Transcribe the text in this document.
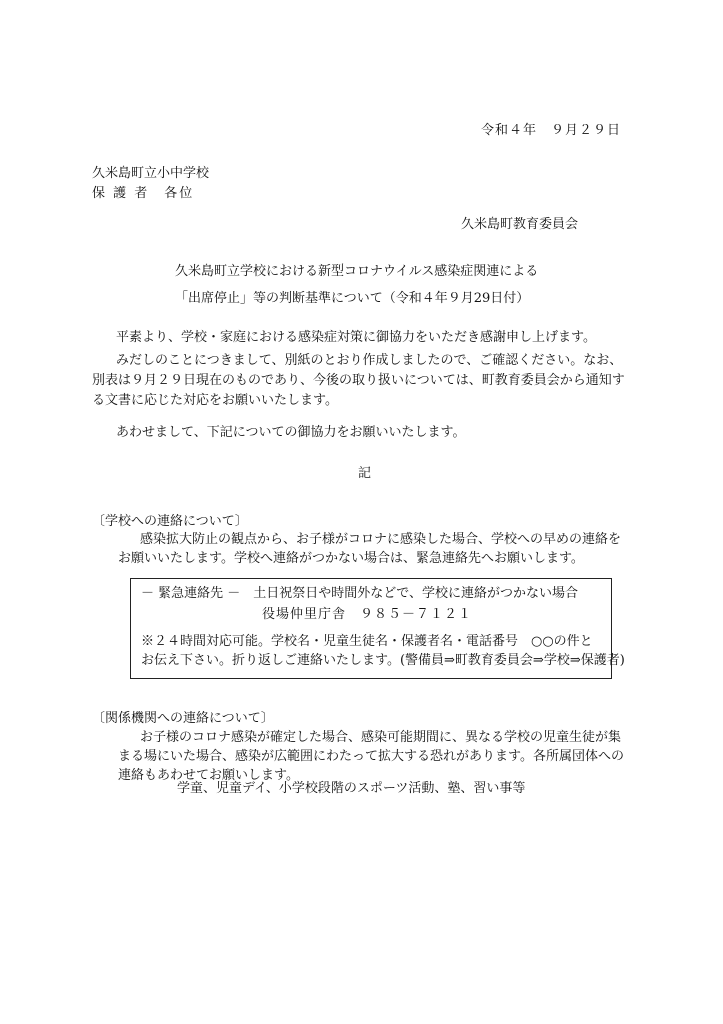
令和４年　９月２９日
久米島町立小中学校
保 護 者　各位
久米島町教育委員会
久米島町立学校における新型コロナウイルス感染症関連による
「出席停止」等の判断基準について（令和４年９月29日付）
平素より、学校・家庭における感染症対策に御協力をいただき感謝申し上げます。
みだしのことにつきまして、別紙のとおり作成しましたので、ご確認ください。なお、別表は９月２９日現在のものであり、今後の取り扱いについては、町教育委員会から通知する文書に応じた対応をお願いいたします。
あわせまして、下記についての御協力をお願いいたします。
記
〔学校への連絡について〕
感染拡大防止の観点から、お子様がコロナに感染した場合、学校への早めの連絡をお願いいたします。学校へ連絡がつかない場合は、緊急連絡先へお願いします。
－ 緊急連絡先 －　土日祝祭日や時間外などで、学校に連絡がつかない場合
役場仲里庁舎　９８５－７１２１
※２４時間対応可能。学校名・児童生徒名・保護者名・電話番号　○○の件と
お伝え下さい。折り返しご連絡いたします。(警備員⇒町教育委員会⇒学校⇒保護者)
〔関係機関への連絡について〕
お子様のコロナ感染が確定した場合、感染可能期間に、異なる学校の児童生徒が集まる場にいた場合、感染が広範囲にわたって拡大する恐れがあります。各所属団体への連絡もあわせてお願いします。
学童、児童デイ、小学校段階のスポーツ活動、塾、習い事等
